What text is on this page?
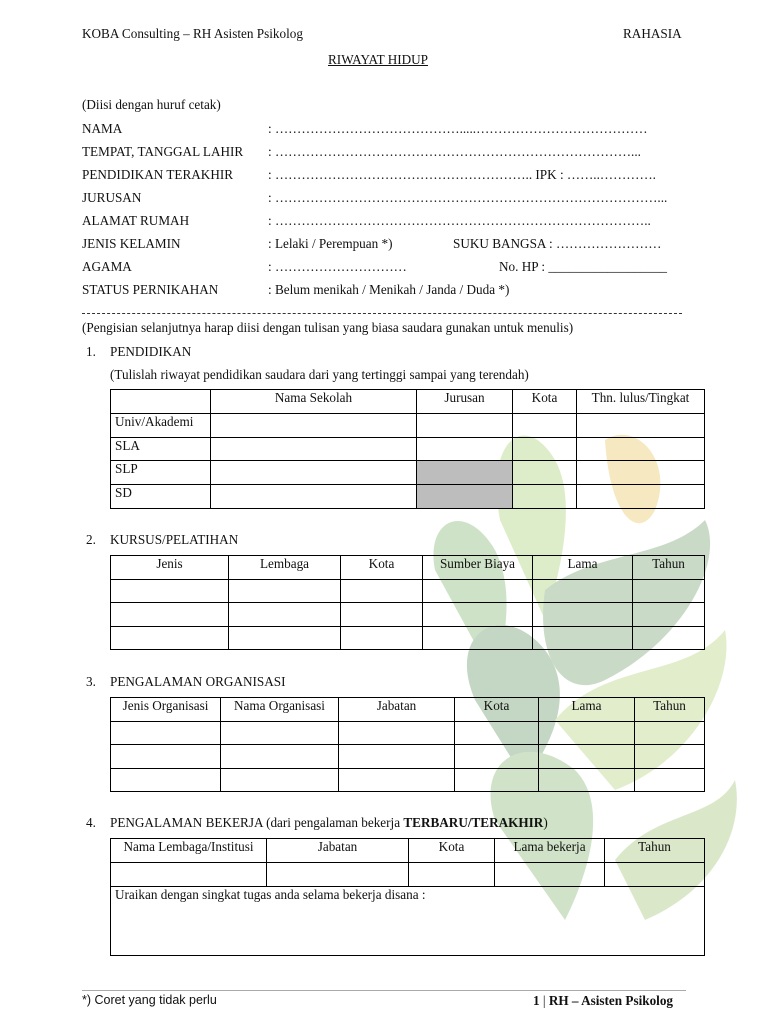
KOBA Consulting – RH Asisten Psikolog	RAHASIA
RIWAYAT HIDUP
(Diisi dengan huruf cetak)
NAMA	: …………………………………….....…………………………………
TEMPAT, TANGGAL LAHIR : ………………………………………………………………………...
PENDIDIKAN TERAKHIR	: ………………………………………………….. IPK : ……..………….
JURUSAN	: ……………………………………………………………………………...
ALAMAT RUMAH	: …………………………………………………………………………..
JENIS KELAMIN	: Lelaki / Perempuan *)	SUKU BANGSA : ……………………
AGAMA	: …………………………	No. HP : __________________
STATUS PERNIKAHAN	: Belum menikah / Menikah / Janda / Duda *)
(Pengisian selanjutnya harap diisi dengan tulisan yang biasa saudara gunakan untuk menulis)
1. PENDIDIKAN
(Tulislah riwayat pendidikan saudara dari yang tertinggi sampai yang terendah)
	Nama Sekolah	Jurusan	Kota	Thn. lulus/Tingkat
Univ/Akademi				
SLA				
SLP				
SD				
2. KURSUS/PELATIHAN
Jenis	Lembaga	Kota	Sumber Biaya	Lama	Tahun

3. PENGALAMAN ORGANISASI
Jenis Organisasi	Nama Organisasi	Jabatan	Kota	Lama	Tahun

4. PENGALAMAN BEKERJA (dari pengalaman bekerja TERBARU/TERAKHIR)
Nama Lembaga/Institusi	Jabatan	Kota	Lama bekerja	Tahun

Uraikan dengan singkat tugas anda selama bekerja disana :				
*) Coret yang tidak perlu	1 | RH – Asisten Psikolog
